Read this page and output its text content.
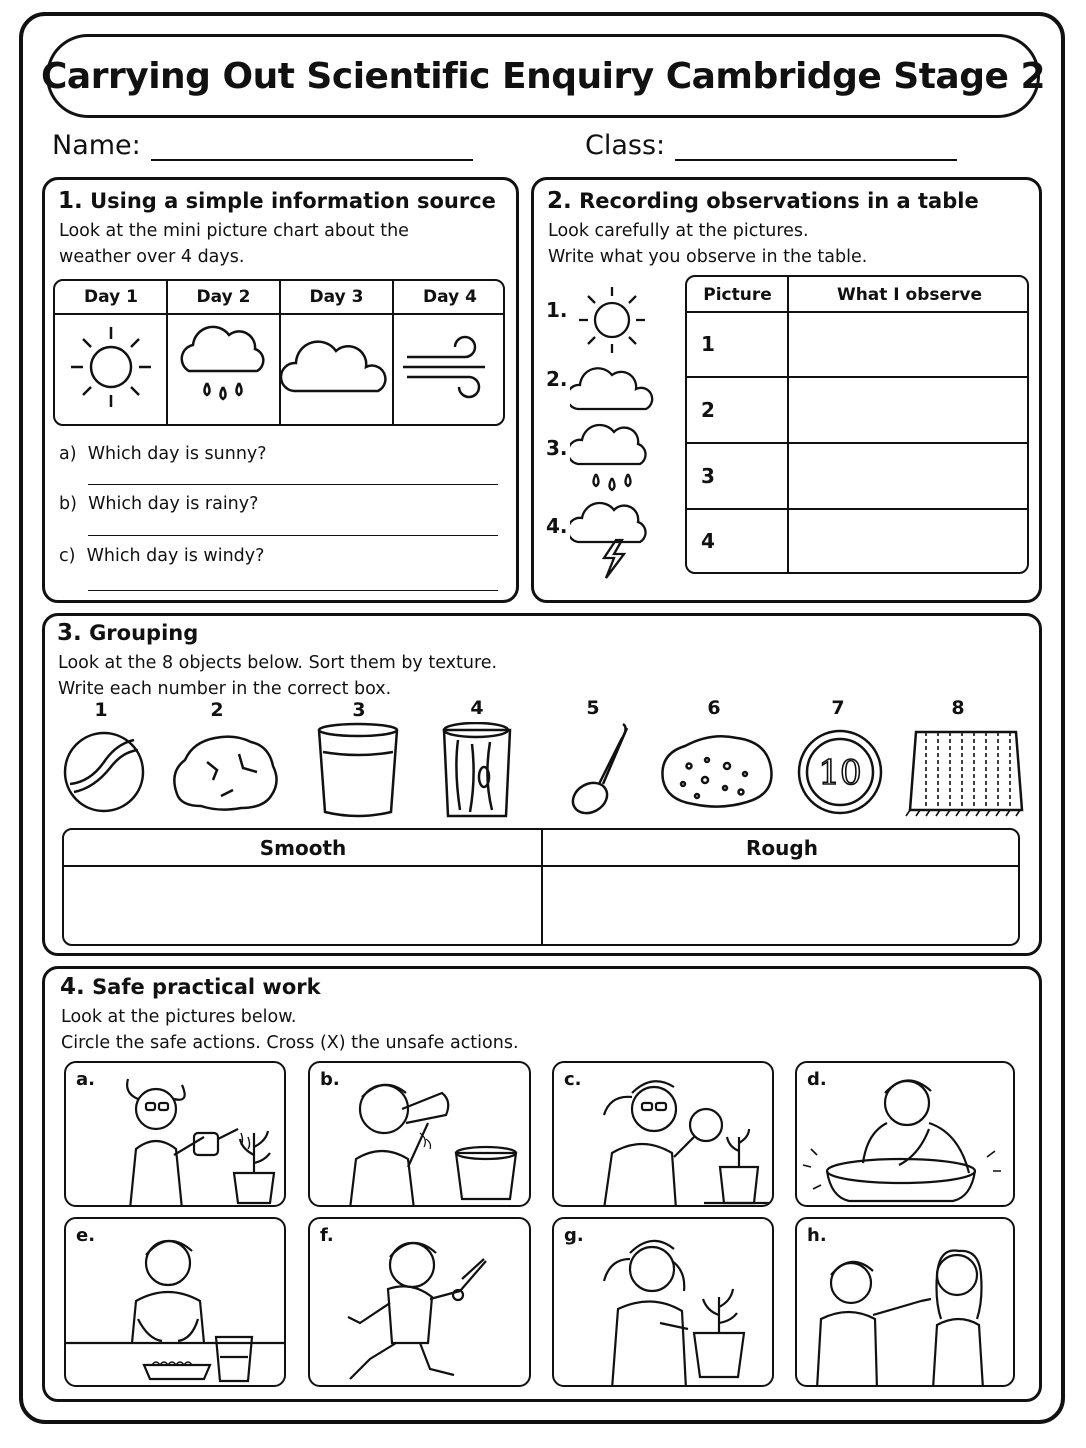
Carrying Out Scientific Enquiry Cambridge Stage 2
Name:	Class:
1. Using a simple information source
Look at the mini picture chart about the
weather over 4 days.
Day 1	Day 2	Day 3	Day 4
a) Which day is sunny?
b) Which day is rainy?
c) Which day is windy?
2. Recording observations in a table
Look carefully at the pictures.
Write what you observe in the table.
1.
2.
3.
4.
Picture	What I observe
1
2
3
4
3. Grouping
Look at the 8 objects below. Sort them by texture.
Write each number in the correct box.
1	2	3	4	5	6	7	8
10
Smooth	Rough
4. Safe practical work
Look at the pictures below.
Circle the safe actions. Cross (X) the unsafe actions.
a.	b.	c.	d.
e.	f.	g.	h.
